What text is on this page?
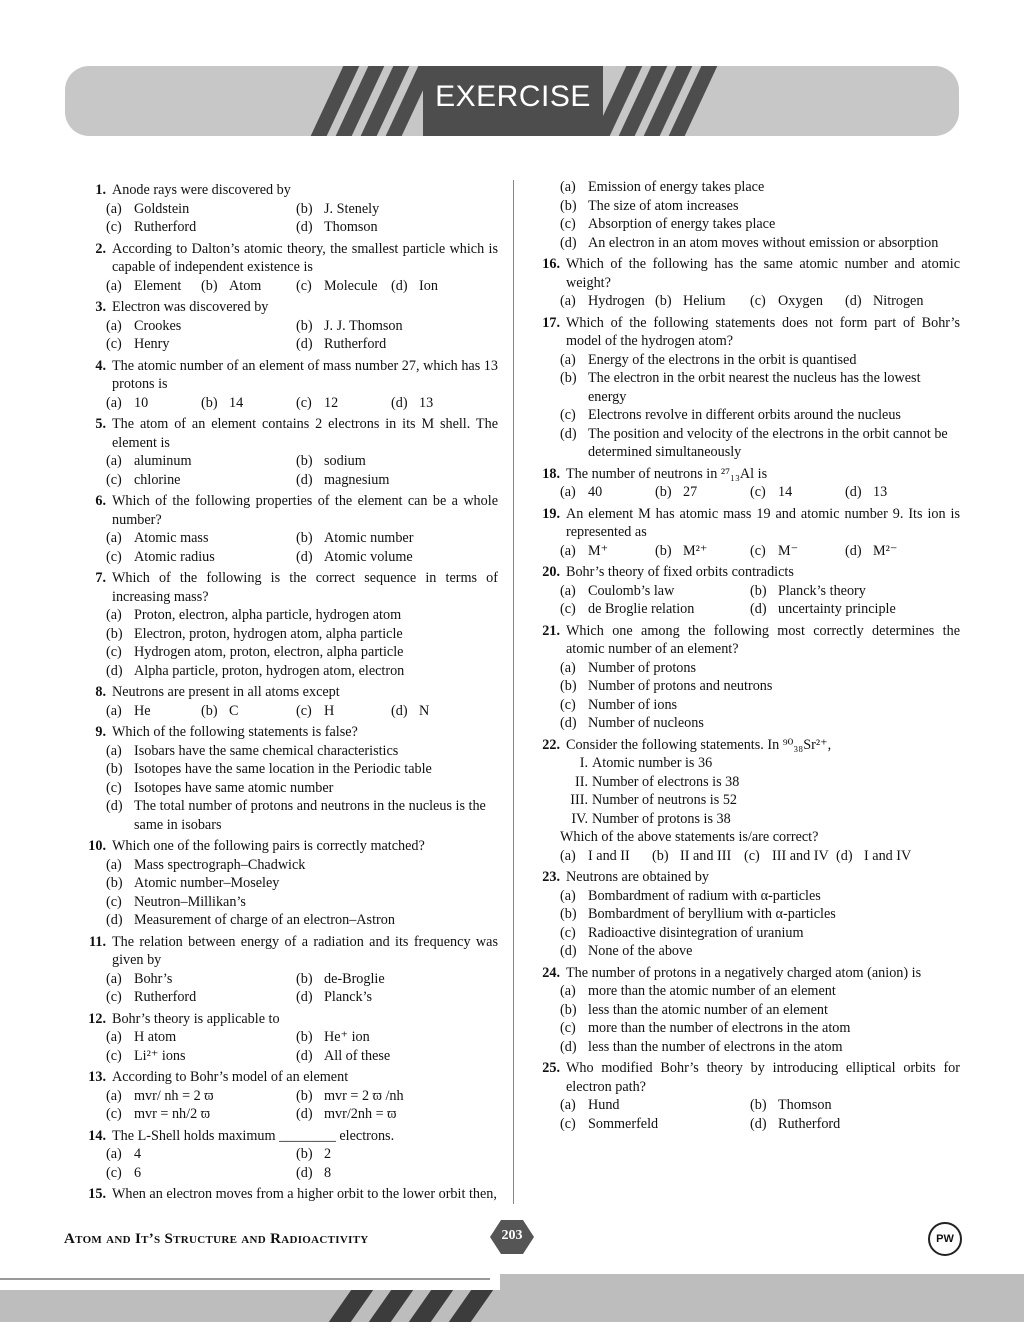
EXERCISE
1. Anode rays were discovered by
(a) Goldstein	(b) J. Stenely
(c) Rutherford	(d) Thomson
2. According to Dalton’s atomic theory, the smallest particle which is capable of independent existence is
(a) Element	(b) Atom	(c) Molecule (d) Ion
3. Electron was discovered by
(a) Crookes	(b) J. J. Thomson
(c) Henry	(d) Rutherford
4. The atomic number of an element of mass number 27, which has 13 protons is
(a) 10	(b) 14	(c) 12	(d) 13
5. The atom of an element contains 2 electrons in its M shell. The element is
(a) aluminum	(b) sodium
(c) chlorine	(d) magnesium
6. Which of the following properties of the element can be a whole number?
(a) Atomic mass	(b) Atomic number
(c) Atomic radius	(d) Atomic volume
7. Which of the following is the correct sequence in terms of increasing mass?
(a) Proton, electron, alpha particle, hydrogen atom
(b) Electron, proton, hydrogen atom, alpha particle
(c) Hydrogen atom, proton, electron, alpha particle
(d) Alpha particle, proton, hydrogen atom, electron
8. Neutrons are present in all atoms except
(a) He	(b) C	(c) H	(d) N
9. Which of the following statements is false?
(a) Isobars have the same chemical characteristics
(b) Isotopes have the same location in the Periodic table
(c) Isotopes have same atomic number
(d) The total number of protons and neutrons in the nucleus is the same in isobars
10. Which one of the following pairs is correctly matched?
(a) Mass spectrograph–Chadwick
(b) Atomic number–Moseley
(c) Neutron–Millikan’s
(d) Measurement of charge of an electron–Astron
11. The relation between energy of a radiation and its frequency was given by
(a) Bohr’s	(b) de-Broglie
(c) Rutherford	(d) Planck’s
12. Bohr’s theory is applicable to
(a) H atom	(b) He⁺ ion
(c) Li²⁺ ions	(d) All of these
13. According to Bohr’s model of an element
(a) mvr/ nh = 2 ϖ	(b) mvr = 2 ϖ /nh
(c) mvr = nh/2 ϖ	(d) mvr/2nh = ϖ
14. The L-Shell holds maximum ________ electrons.
(a) 4	(b) 2
(c) 6	(d) 8
15. When an electron moves from a higher orbit to the lower orbit then,
(a) Emission of energy takes place
(b) The size of atom increases
(c) Absorption of energy takes place
(d) An electron in an atom moves without emission or absorption
16. Which of the following has the same atomic number and atomic weight?
(a) Hydrogen (b) Helium	(c) Oxygen	(d) Nitrogen
17. Which of the following statements does not form part of Bohr’s model of the hydrogen atom?
(a) Energy of the electrons in the orbit is quantised
(b) The electron in the orbit nearest the nucleus has the lowest energy
(c) Electrons revolve in different orbits around the nucleus
(d) The position and velocity of the electrons in the orbit cannot be determined simultaneously
18. The number of neutrons in ²⁷₁₃Al is
(a) 40	(b) 27	(c) 14	(d) 13
19. An element M has atomic mass 19 and atomic number 9. Its ion is represented as
(a) M⁺	(b) M²⁺	(c) M⁻	(d) M²⁻
20. Bohr’s theory of fixed orbits contradicts
(a) Coulomb’s law	(b) Planck’s theory
(c) de Broglie relation	(d) uncertainty principle
21. Which one among the following most correctly determines the atomic number of an element?
(a) Number of protons
(b) Number of protons and neutrons
(c) Number of ions
(d) Number of nucleons
22. Consider the following statements. In ⁹⁰₃₈Sr²⁺,
I. Atomic number is 36
II. Number of electrons is 38
III. Number of neutrons is 52
IV. Number of protons is 38
Which of the above statements is/are correct?
(a) I and II	(b) II and III (c) III and IV (d) I and IV
23. Neutrons are obtained by
(a) Bombardment of radium with α-particles
(b) Bombardment of beryllium with α-particles
(c) Radioactive disintegration of uranium
(d) None of the above
24. The number of protons in a negatively charged atom (anion) is
(a) more than the atomic number of an element
(b) less than the atomic number of an element
(c) more than the number of electrons in the atom
(d) less than the number of electrons in the atom
25. Who modified Bohr’s theory by introducing elliptical orbits for electron path?
(a) Hund	(b) Thomson
(c) Sommerfeld	(d) Rutherford
Atom and It’s Structure and Radioactivity	203	PW
